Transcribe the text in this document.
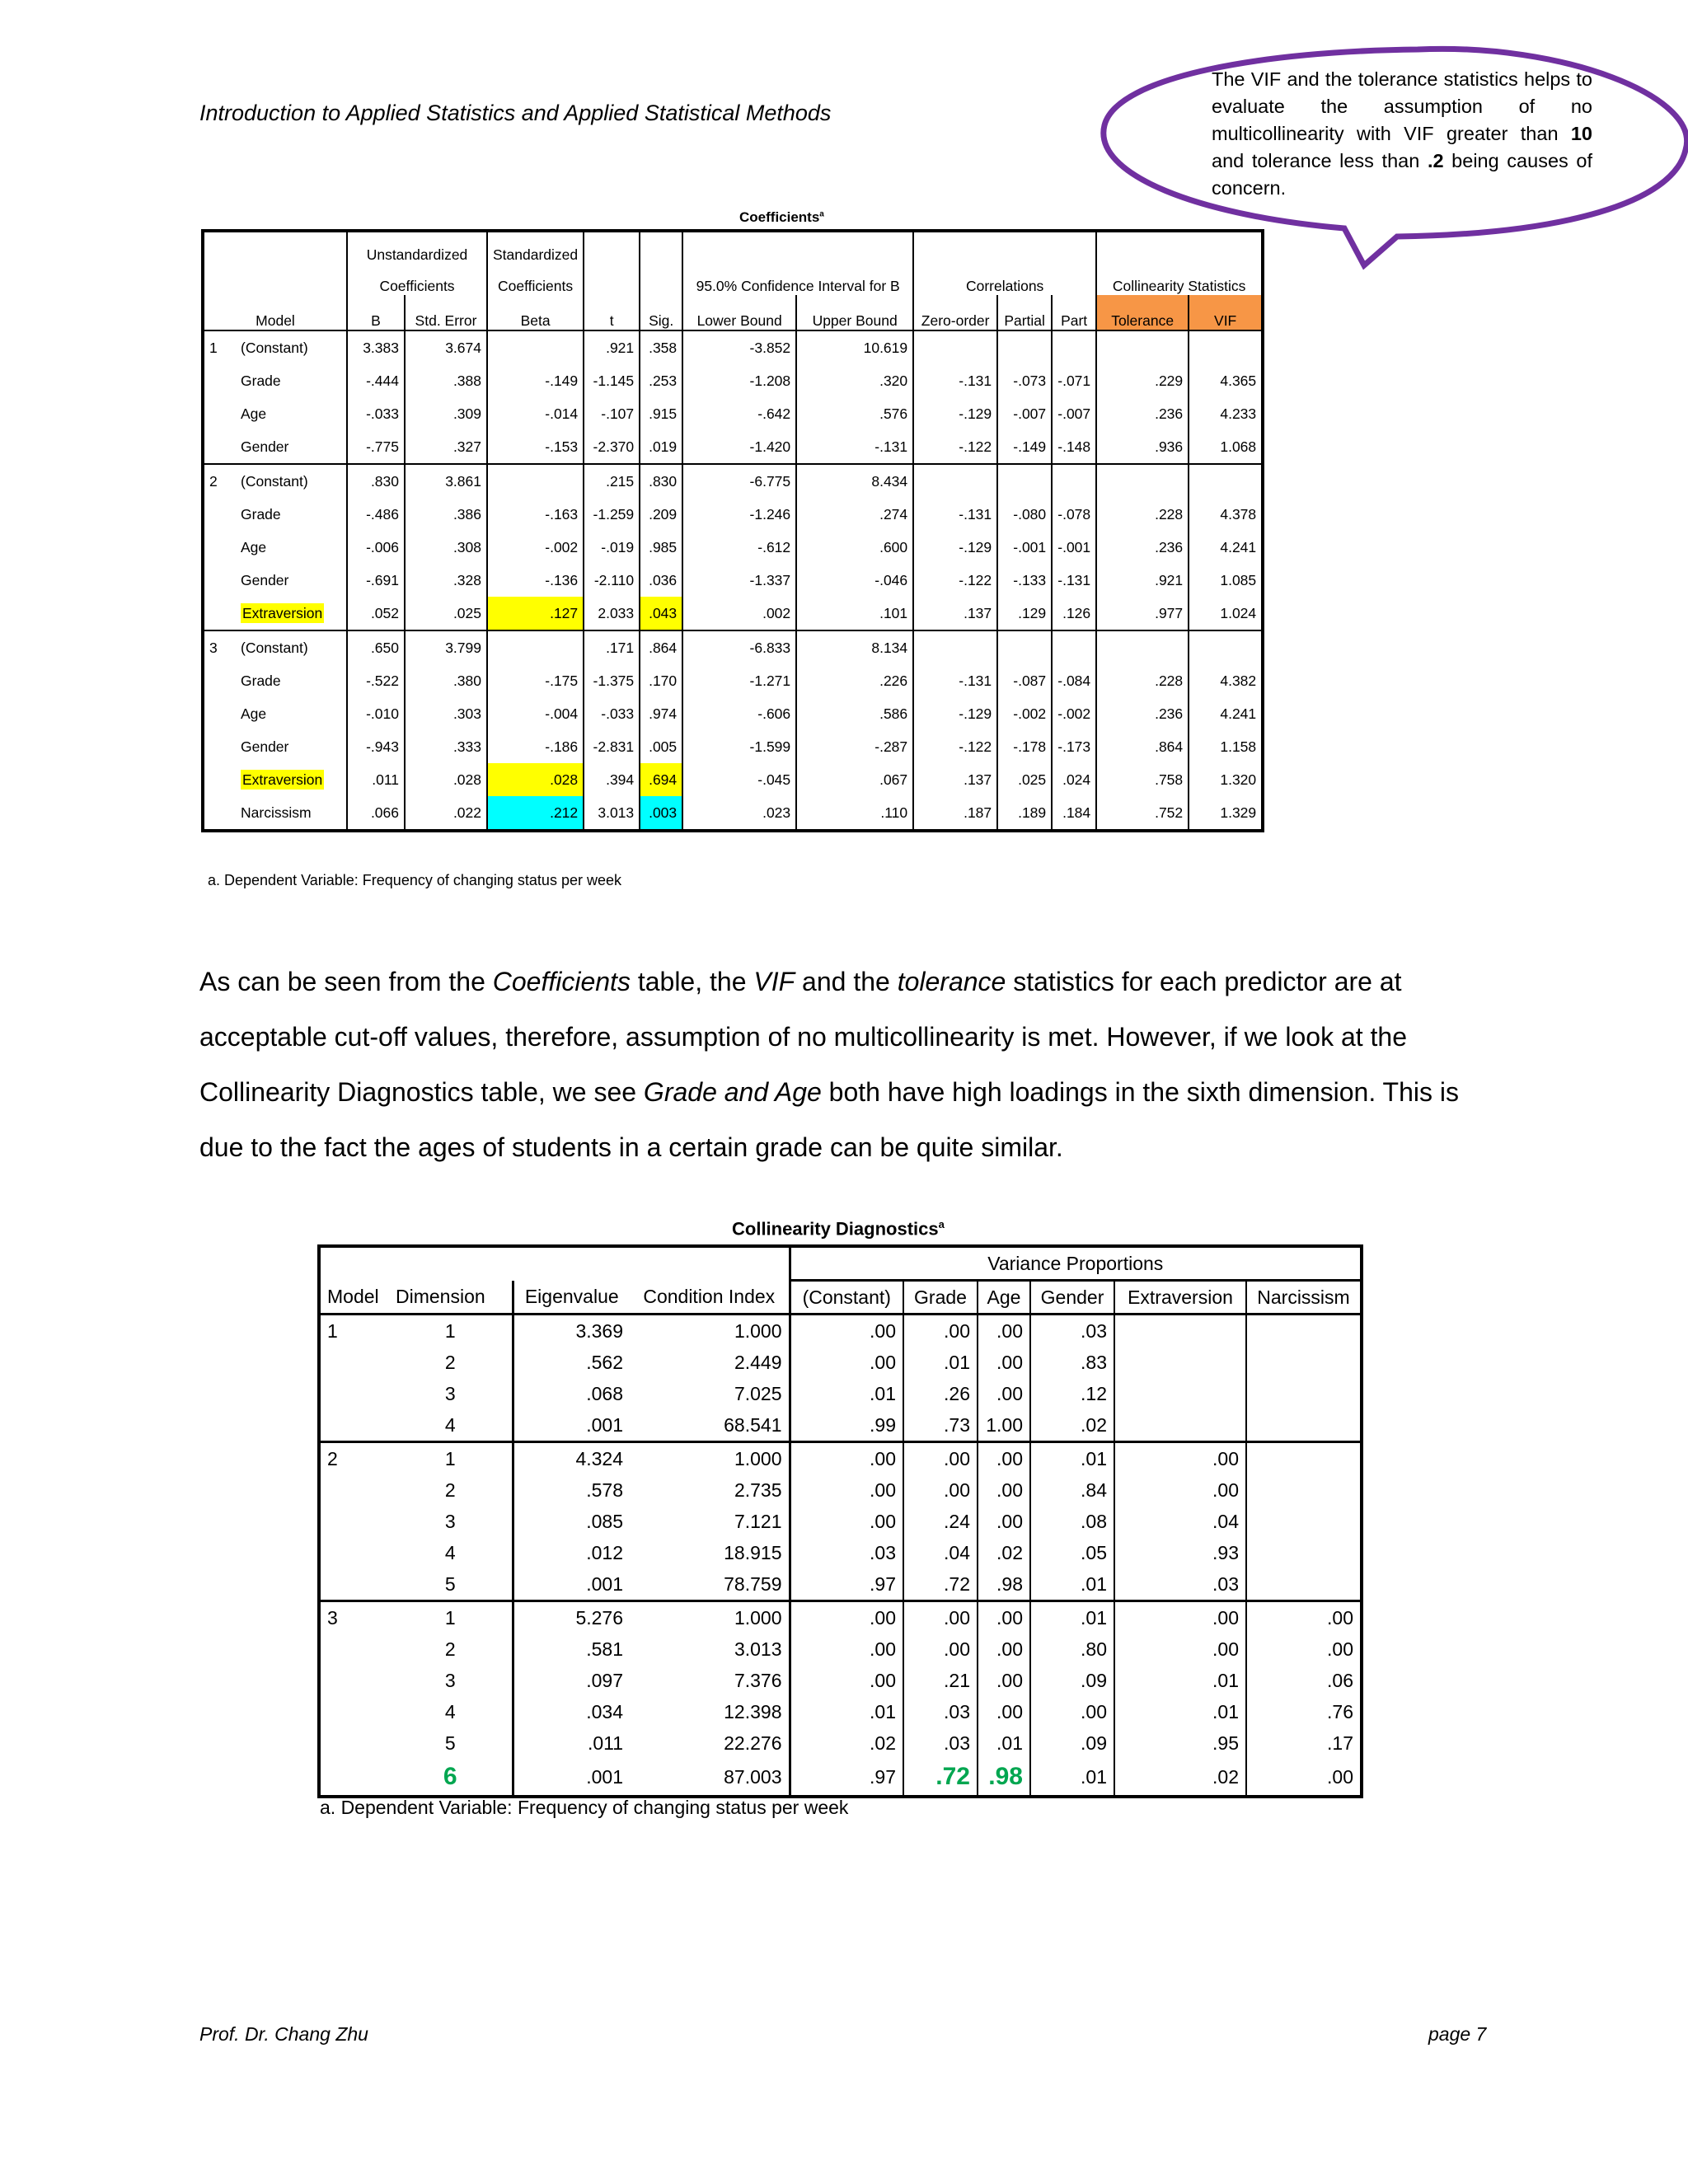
Introduction to Applied Statistics and Applied Statistical Methods
The VIF and the tolerance statistics helps to evaluate the assumption of no multicollinearity with VIF greater than 10 and tolerance less than .2 being causes of concern.
Coefficients$^a$
		Unstandardized		Standardized									
		Coefficients		Coefficients			95.0% Confidence Interval for B		Correlations			Collinearity Statistics	
Model		B	Std. Error	Beta	t	Sig.	Lower Bound	Upper Bound	Zero-order	Partial	Part	Tolerance	VIF
1	(Constant)	3.383	3.674		.921	.358	-3.852	10.619					
	Grade	-.444	.388	-.149	-1.145	.253	-1.208	.320	-.131	-.073	-.071	.229	4.365
	Age	-.033	.309	-.014	-.107	.915	-.642	.576	-.129	-.007	-.007	.236	4.233
	Gender	-.775	.327	-.153	-2.370	.019	-1.420	-.131	-.122	-.149	-.148	.936	1.068
2	(Constant)	.830	3.861		.215	.830	-6.775	8.434					
	Grade	-.486	.386	-.163	-1.259	.209	-1.246	.274	-.131	-.080	-.078	.228	4.378
	Age	-.006	.308	-.002	-.019	.985	-.612	.600	-.129	-.001	-.001	.236	4.241
	Gender	-.691	.328	-.136	-2.110	.036	-1.337	-.046	-.122	-.133	-.131	.921	1.085
	Extraversion	.052	.025	.127	2.033	.043	.002	.101	.137	.129	.126	.977	1.024
3	(Constant)	.650	3.799		.171	.864	-6.833	8.134					
	Grade	-.522	.380	-.175	-1.375	.170	-1.271	.226	-.131	-.087	-.084	.228	4.382
	Age	-.010	.303	-.004	-.033	.974	-.606	.586	-.129	-.002	-.002	.236	4.241
	Gender	-.943	.333	-.186	-2.831	.005	-1.599	-.287	-.122	-.178	-.173	.864	1.158
	Extraversion	.011	.028	.028	.394	.694	-.045	.067	.137	.025	.024	.758	1.320
	Narcissism	.066	.022	.212	3.013	.003	.023	.110	.187	.189	.184	.752	1.329
a. Dependent Variable: Frequency of changing status per week
As can be seen from the Coefficients table, the VIF and the tolerance statistics for each predictor are at acceptable cut-off values, therefore, assumption of no multicollinearity is met. However, if we look at the Collinearity Diagnostics table, we see Grade and Age both have high loadings in the sixth dimension. This is due to the fact the ages of students in a certain grade can be quite similar.
Collinearity Diagnostics$^a$
				Variance Proportions					
Model	Dimension	Eigenvalue	Condition Index	(Constant)	Grade	Age	Gender	Extraversion	Narcissism
1	1	3.369	1.000	.00	.00	.00	.03		
	2	.562	2.449	.00	.01	.00	.83		
	3	.068	7.025	.01	.26	.00	.12		
	4	.001	68.541	.99	.73	1.00	.02		
2	1	4.324	1.000	.00	.00	.00	.01	.00	
	2	.578	2.735	.00	.00	.00	.84	.00	
	3	.085	7.121	.00	.24	.00	.08	.04	
	4	.012	18.915	.03	.04	.02	.05	.93	
	5	.001	78.759	.97	.72	.98	.01	.03	
3	1	5.276	1.000	.00	.00	.00	.01	.00	.00
	2	.581	3.013	.00	.00	.00	.80	.00	.00
	3	.097	7.376	.00	.21	.00	.09	.01	.06
	4	.034	12.398	.01	.03	.00	.00	.01	.76
	5	.011	22.276	.02	.03	.01	.09	.95	.17
	6	.001	87.003	.97	.72	.98	.01	.02	.00
a. Dependent Variable: Frequency of changing status per week
Prof. Dr. Chang Zhu	page 7
